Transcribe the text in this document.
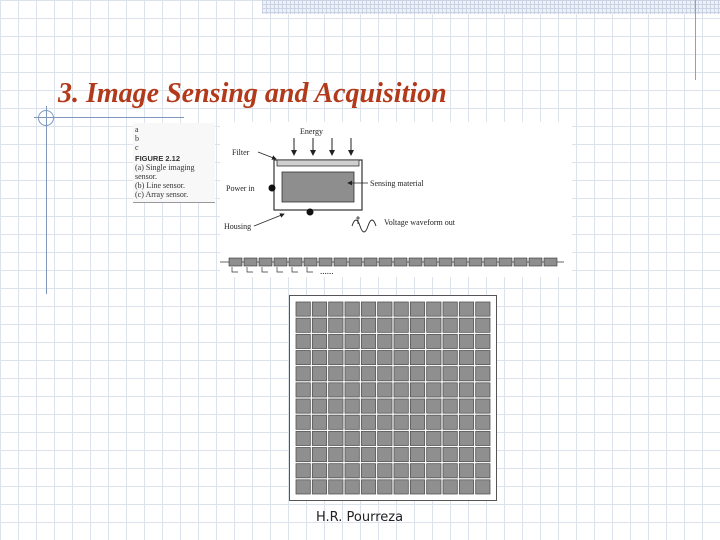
3. Image Sensing and Acquisition
a
b
c
FIGURE 2.12
(a) Single imaging
sensor.
(b) Line sensor.
(c) Array sensor.
Energy
Filter
Power in
Sensing material
Housing	Voltage waveform out
......
H.R. Pourreza
